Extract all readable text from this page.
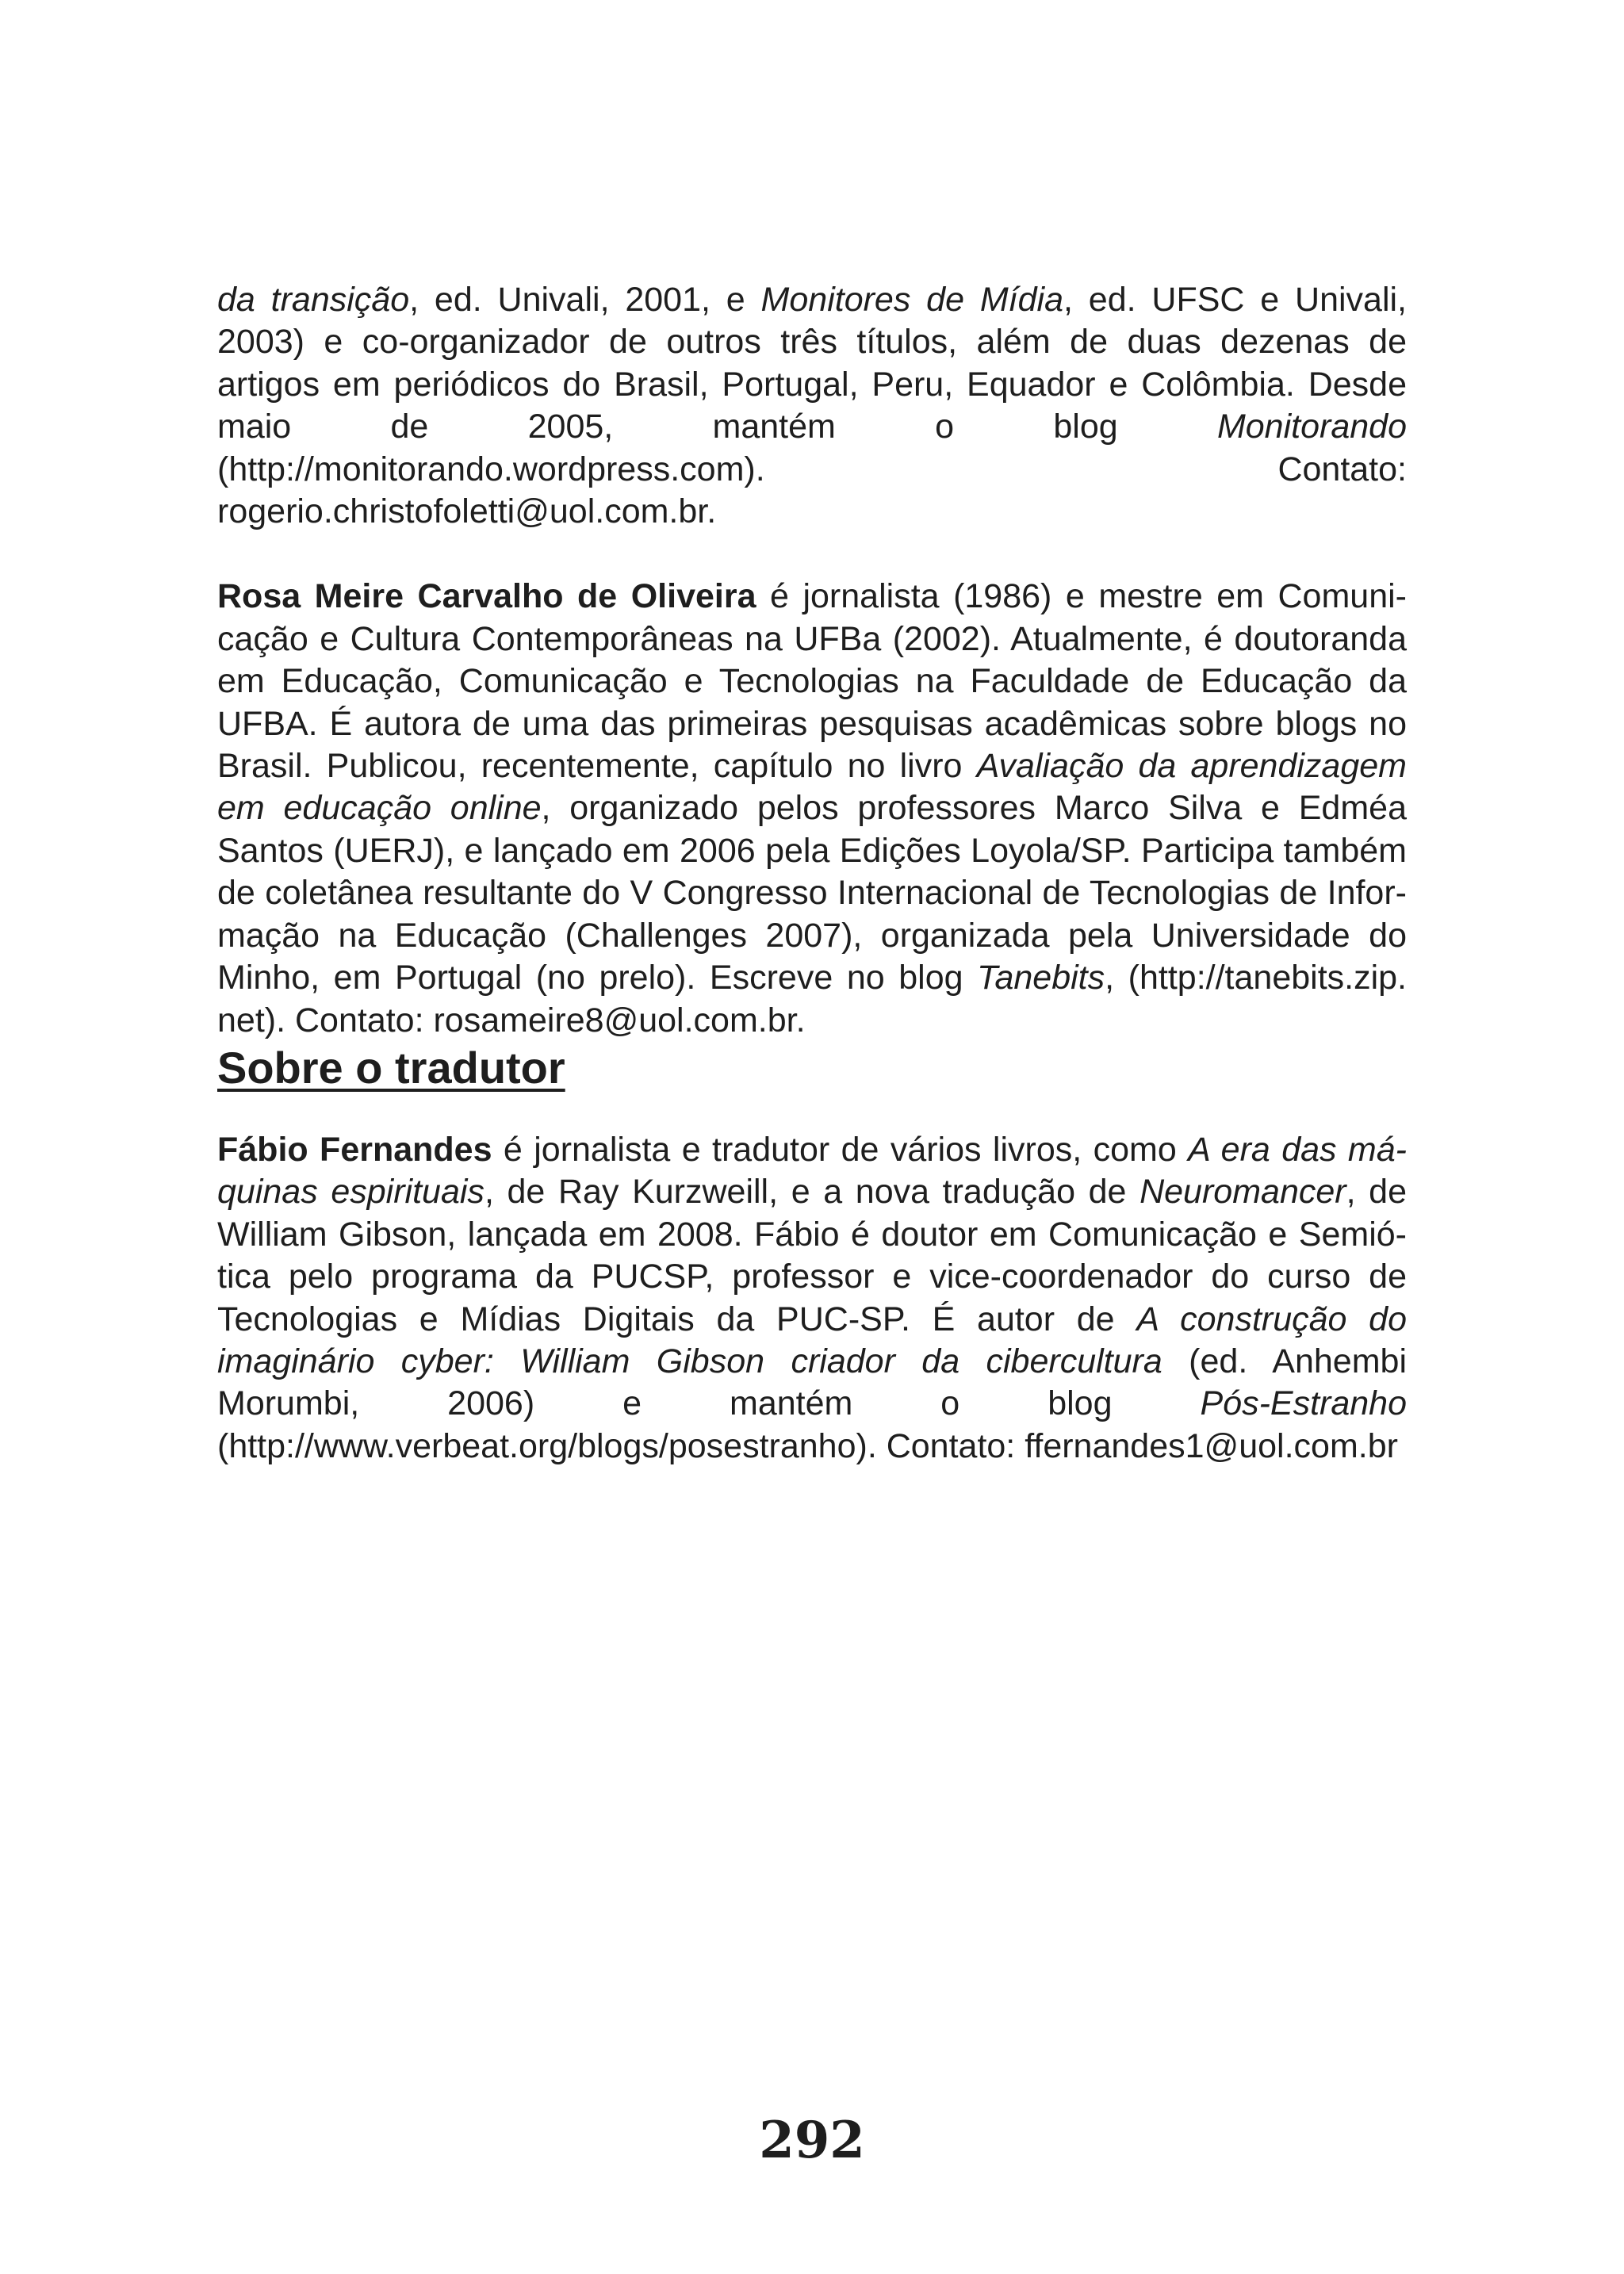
da transição, ed. Univali, 2001, e Monitores de Mídia, ed. UFSC e Univali, 2003) e co-organizador de outros três títulos, além de duas dezenas de artigos em periódicos do Brasil, Portugal, Peru, Equador e Colômbia. Desde maio de 2005, mantém o blog Monitorando (http://monitorando.wordpress.com). Contato: rogerio.christofoletti@uol.com.br.

Rosa Meire Carvalho de Oliveira é jornalista (1986) e mestre em Comunicação e Cultura Contemporâneas na UFBa (2002). Atualmente, é doutoranda em Educação, Comunicação e Tecnologias na Faculdade de Educação da UFBA. É autora de uma das primeiras pesquisas acadêmicas sobre blogs no Brasil. Publicou, recentemente, capítulo no livro Avaliação da aprendizagem em educação online, organizado pelos professores Marco Silva e Edméa Santos (UERJ), e lançado em 2006 pela Edições Loyola/SP. Participa também de coletânea resultante do V Congresso Internacional de Tecnologias de Informação na Educação (Challenges 2007), organizada pela Universidade do Minho, em Portugal (no prelo). Escreve no blog Tanebits, (http://tanebits.zip.​net). Contato: rosameire8@uol.com.br.

Sobre o tradutor

Fábio Fernandes é jornalista e tradutor de vários livros, como A era das máquinas espirituais, de Ray Kurzweill, e a nova tradução de Neuromancer, de William Gibson, lançada em 2008. Fábio é doutor em Comunicação e Semiótica pelo programa da PUCSP, professor e vice-coordenador do curso de Tecnologias e Mídias Digitais da PUC-SP. É autor de A construção do imaginário cyber: William Gibson criador da cibercultura (ed. Anhembi Morumbi, 2006) e mantém o blog Pós-Estranho (http://www.verbeat.org/blogs/posestranho). Contato: ffernandes1@uol.com.br

292
